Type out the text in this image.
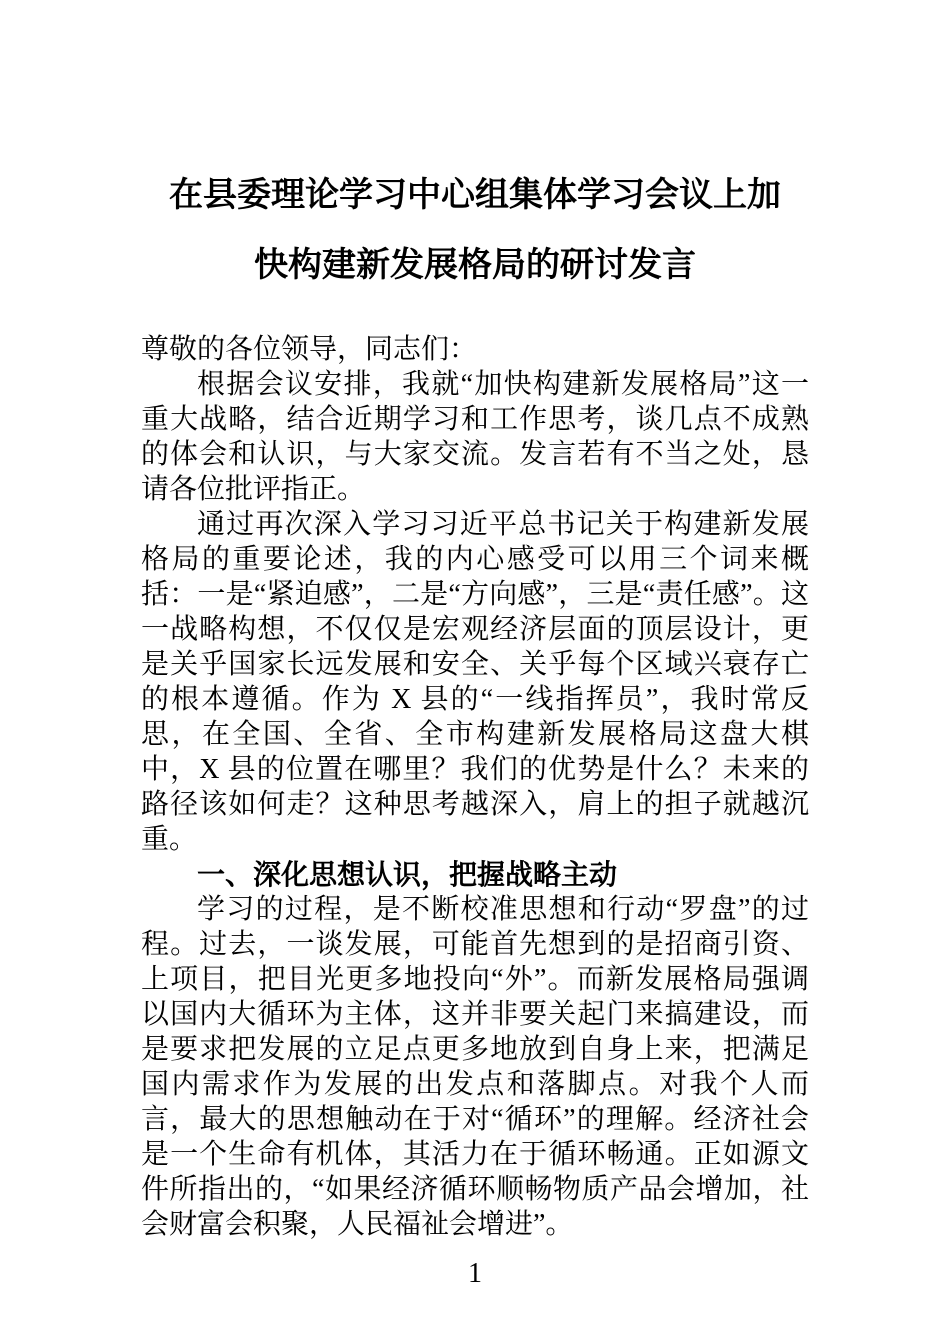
在县委理论学习中心组集体学习会议上加快构建新发展格局的研讨发言

尊敬的各位领导，同志们：

根据会议安排，我就“加快构建新发展格局”这一重大战略，结合近期学习和工作思考，谈几点不成熟的体会和认识，与大家交流。发言若有不当之处，恳请各位批评指正。

通过再次深入学习习近平总书记关于构建新发展格局的重要论述，我的内心感受可以用三个词来概括：一是“紧迫感”，二是“方向感”，三是“责任感”。这一战略构想，不仅仅是宏观经济层面的顶层设计，更是关乎国家长远发展和安全、关乎每个区域兴衰存亡的根本遵循。作为 X 县的“一线指挥员”，我时常反思，在全国、全省、全市构建新发展格局这盘大棋中，X 县的位置在哪里？我们的优势是什么？未来的路径该如何走？这种思考越深入，肩上的担子就越沉重。

一、深化思想认识，把握战略主动

学习的过程，是不断校准思想和行动“罗盘”的过程。过去，一谈发展，可能首先想到的是招商引资、上项目，把目光更多地投向“外”。而新发展格局强调以国内大循环为主体，这并非要关起门来搞建设，而是要求把发展的立足点更多地放到自身上来，把满足国内需求作为发展的出发点和落脚点。对我个人而言，最大的思想触动在于对“循环”的理解。经济社会是一个生命有机体，其活力在于循环畅通。正如源文件所指出的，“如果经济循环顺畅物质产品会增加，社会财富会积聚，人民福祉会增进”。

1
